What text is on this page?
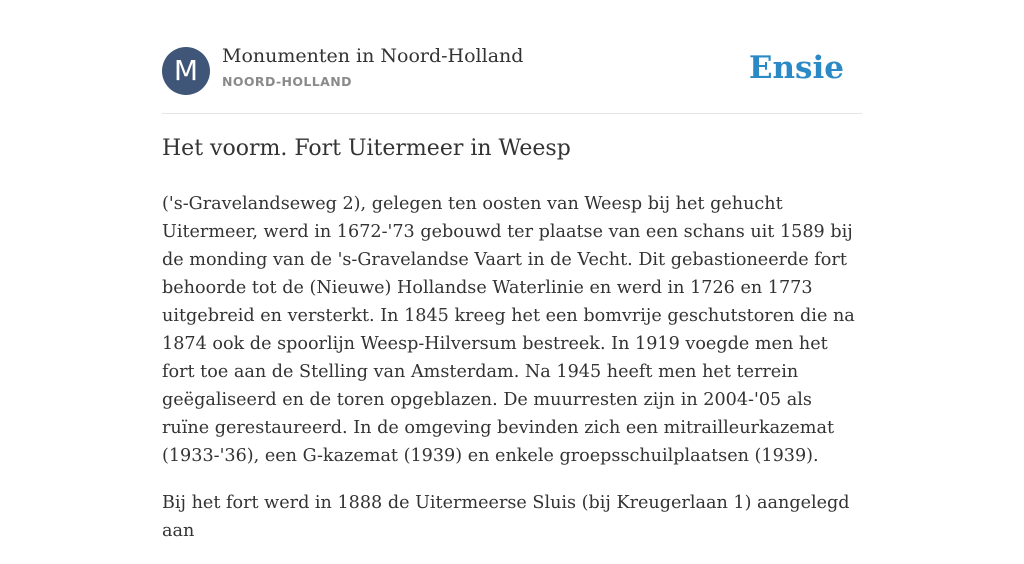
M	Monumenten in Noord-Holland
NOORD-HOLLAND	Ensie
Het voorm. Fort Uitermeer in Weesp

('s-Gravelandseweg 2), gelegen ten oosten van Weesp bij het gehucht Uitermeer, werd in 1672-'73 gebouwd ter plaatse van een schans uit 1589 bij de monding van de 's-Gravelandse Vaart in de Vecht. Dit gebastioneerde fort behoorde tot de (Nieuwe) Hollandse Waterlinie en werd in 1726 en 1773 uitgebreid en versterkt. In 1845 kreeg het een bomvrije geschutstoren die na 1874 ook de spoorlijn Weesp-Hilversum bestreek. In 1919 voegde men het fort toe aan de Stelling van Amsterdam. Na 1945 heeft men het terrein geëgaliseerd en de toren opgeblazen. De muurresten zijn in 2004-'05 als ruïne gerestaureerd. In de omgeving bevinden zich een mitrailleurkazemat (1933-'36), een G-kazemat (1939) en enkele groepsschuilplaatsen (1939).

Bij het fort werd in 1888 de Uitermeerse Sluis (bij Kreugerlaan 1) aangelegd aan
